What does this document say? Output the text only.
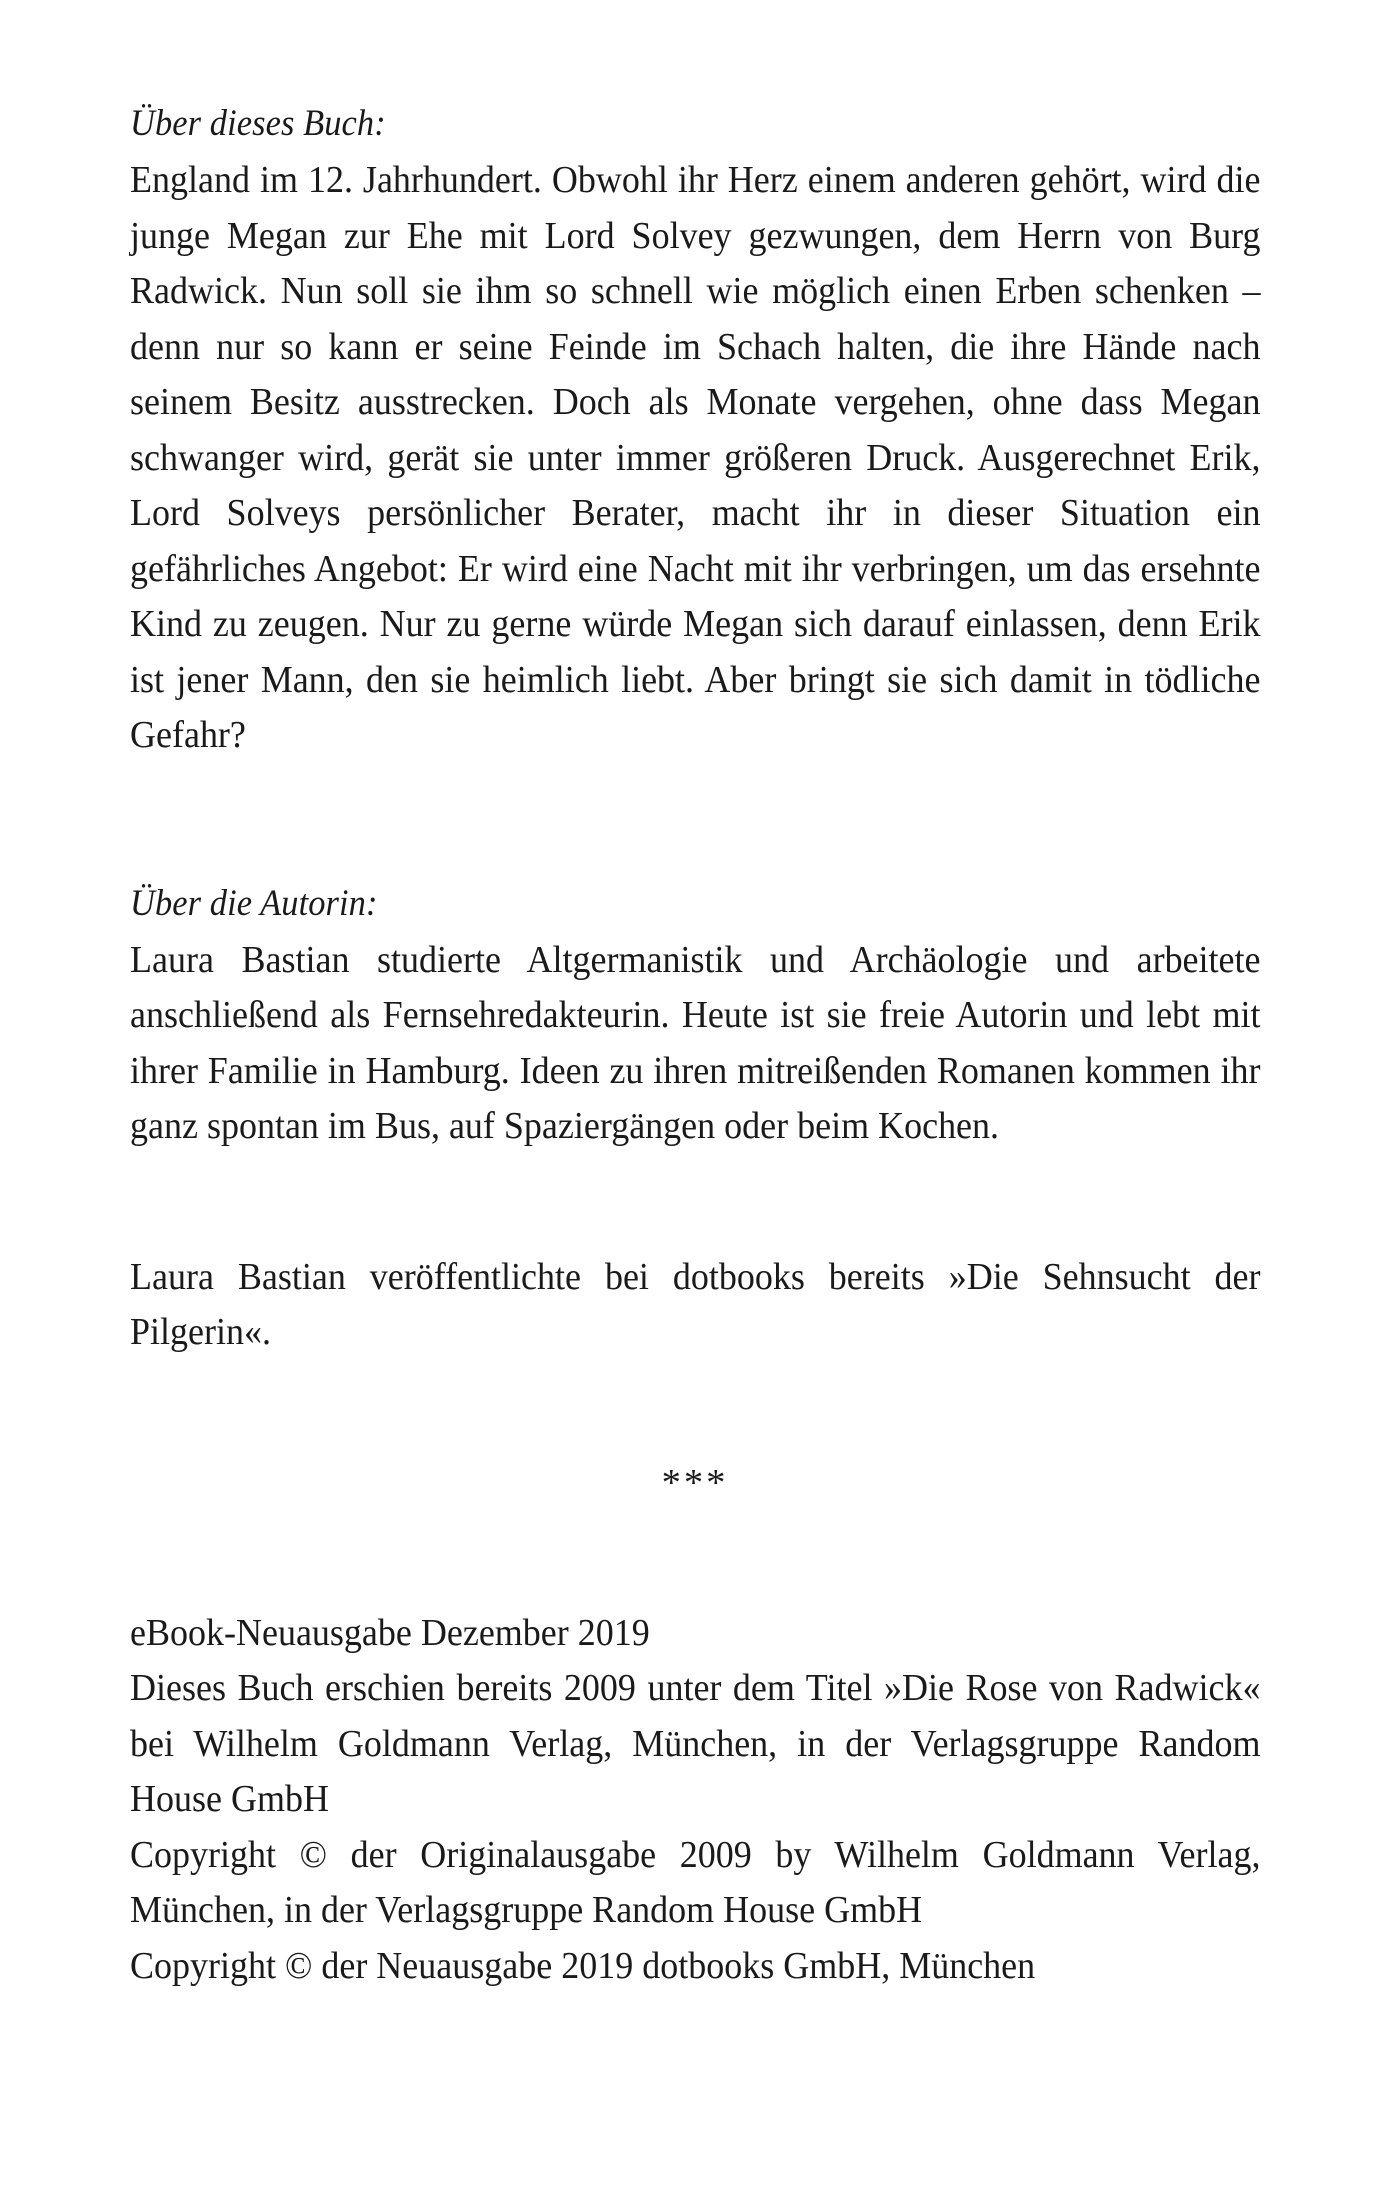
Über dieses Buch:

England im 12. Jahrhundert. Obwohl ihr Herz einem anderen gehört, wird die junge Megan zur Ehe mit Lord Solvey gezwungen, dem Herrn von Burg Radwick. Nun soll sie ihm so schnell wie möglich einen Erben schenken – denn nur so kann er seine Feinde im Schach halten, die ihre Hände nach seinem Besitz ausstrecken. Doch als Monate vergehen, ohne dass Megan schwanger wird, gerät sie unter immer größeren Druck. Ausgerechnet Erik, Lord Solveys persönlicher Berater, macht ihr in dieser Situation ein gefährliches Angebot: Er wird eine Nacht mit ihr verbringen, um das ersehnte Kind zu zeugen. Nur zu gerne würde Megan sich darauf einlassen, denn Erik ist jener Mann, den sie heimlich liebt. Aber bringt sie sich damit in tödliche Gefahr?

Über die Autorin:

Laura Bastian studierte Altgermanistik und Archäologie und arbeitete anschließend als Fernsehredakteurin. Heute ist sie freie Autorin und lebt mit ihrer Familie in Hamburg. Ideen zu ihren mitreißenden Romanen kommen ihr ganz spontan im Bus, auf Spaziergängen oder beim Kochen.

Laura Bastian veröffentlichte bei dotbooks bereits »Die Sehnsucht der Pilgerin«.

***

eBook-Neuausgabe Dezember 2019

Dieses Buch erschien bereits 2009 unter dem Titel »Die Rose von Radwick« bei Wilhelm Goldmann Verlag, München, in der Verlagsgruppe Random House GmbH

Copyright © der Originalausgabe 2009 by Wilhelm Goldmann Verlag, München, in der Verlagsgruppe Random House GmbH

Copyright © der Neuausgabe 2019 dotbooks GmbH, München
